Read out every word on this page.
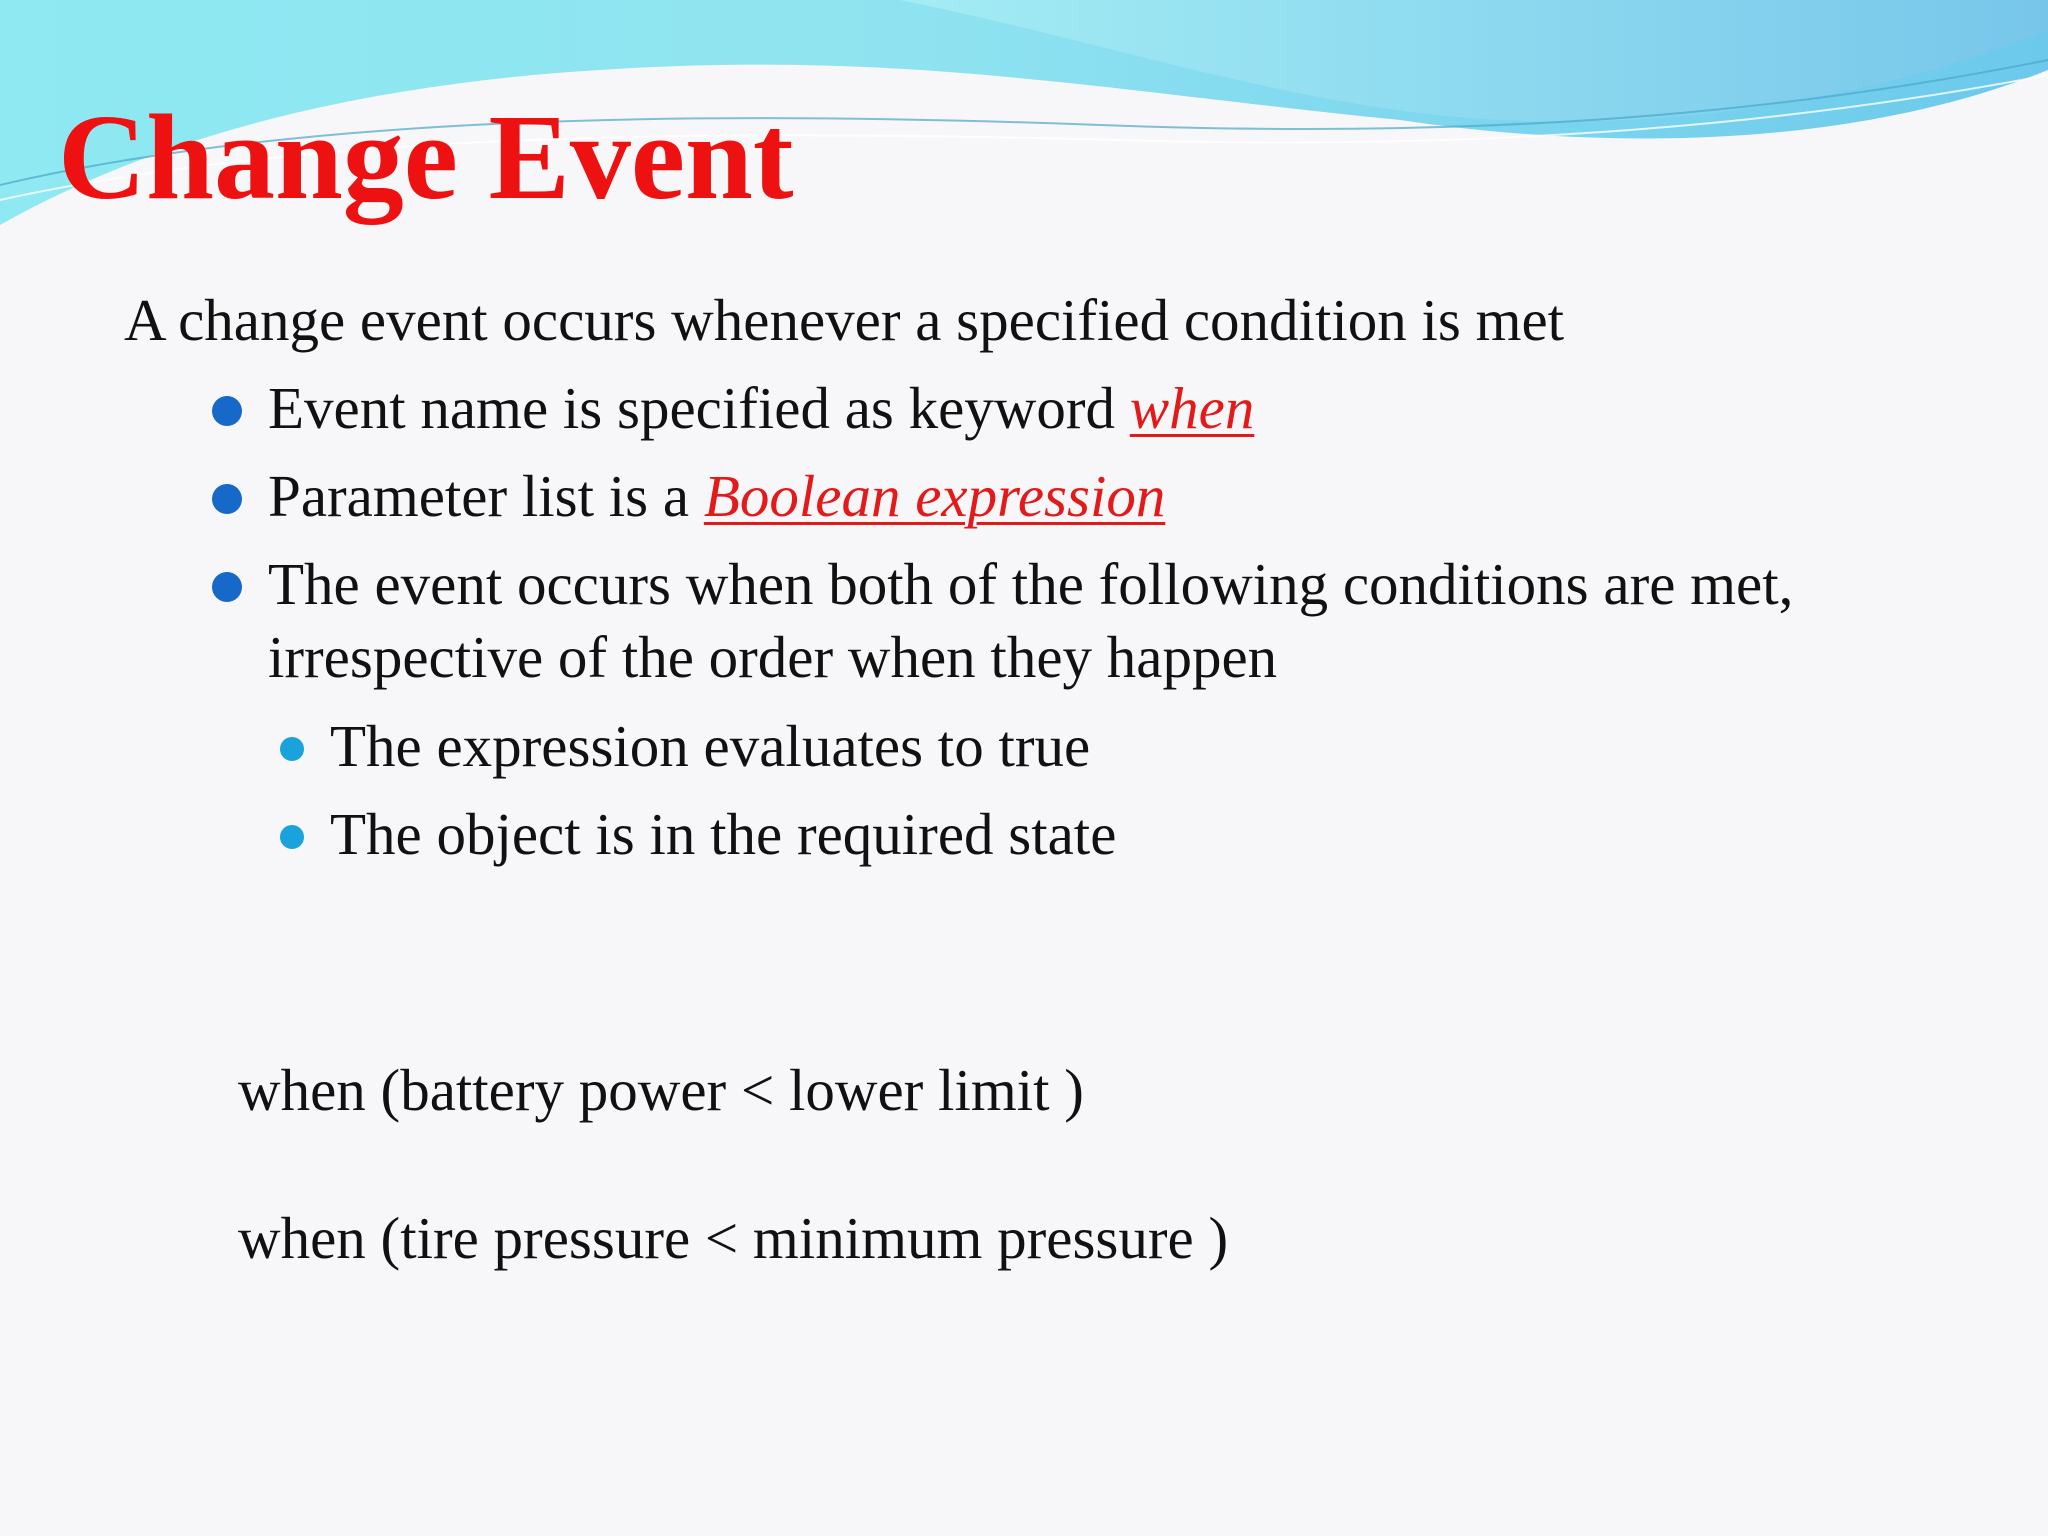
Change Event
A change event occurs whenever a specified condition is met
Event name is specified as keyword when
Parameter list is a Boolean expression
The event occurs when both of the following conditions are met,
irrespective of the order when they happen
The expression evaluates to true
The object is in the required state
when (battery power < lower limit )
when (tire pressure < minimum pressure )
